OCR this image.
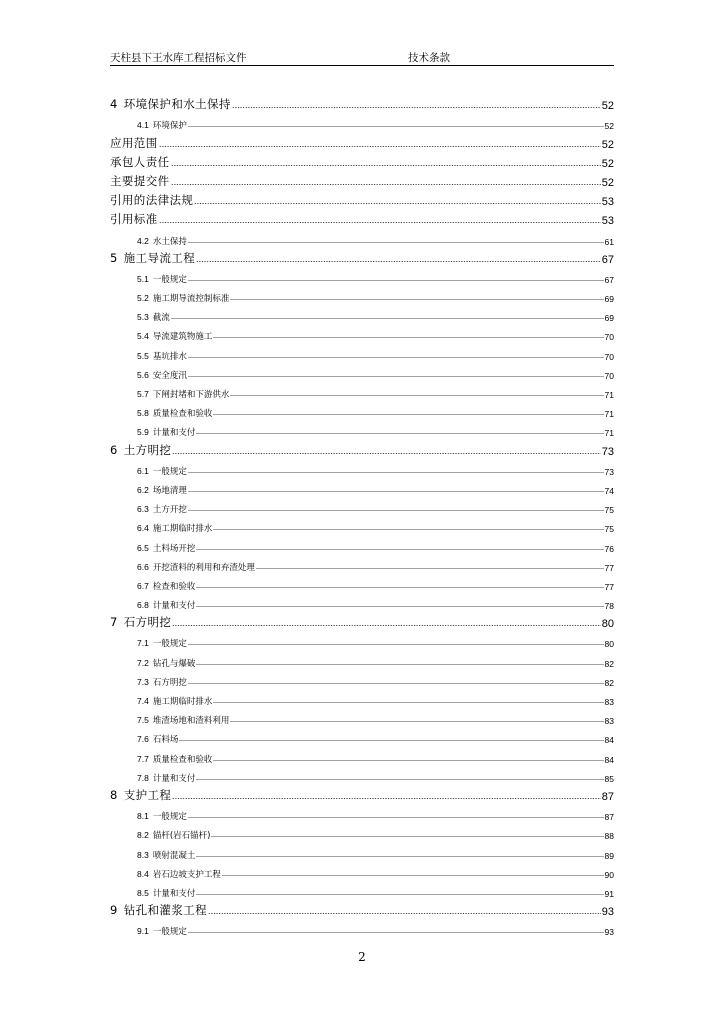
天柱县下王水库工程招标文件	技术条款
4 环境保护和水土保持	52
4.1 环境保护	52
应用范围	52
承包人责任	52
主要提交件	52
引用的法律法规	53
引用标准	53
4.2 水土保持	61
5 施工导流工程	67
5.1 一般规定	67
5.2 施工期导流控制标准	69
5.3 截流	69
5.4 导流建筑物施工	70
5.5 基坑排水	70
5.6 安全度汛	70
5.7 下闸封堵和下游供水	71
5.8 质量检查和验收	71
5.9 计量和支付	71
6 土方明挖	73
6.1 一般规定	73
6.2 场地清理	74
6.3 土方开挖	75
6.4 施工期临时排水	75
6.5 土料场开挖	76
6.6 开挖渣料的利用和弃渣处理	77
6.7 检查和验收	77
6.8 计量和支付	78
7 石方明挖	80
7.1 一般规定	80
7.2 钻孔与爆破	82
7.3 石方明挖	82
7.4 施工期临时排水	83
7.5 堆渣场地和渣料利用	83
7.6 石料场	84
7.7 质量检查和验收	84
7.8 计量和支付	85
8 支护工程	87
8.1 一般规定	87
8.2 锚杆(岩石锚杆)	88
8.3 喷射混凝土	89
8.4 岩石边坡支护工程	90
8.5 计量和支付	91
9 钻孔和灌浆工程	93
9.1 一般规定	93
2
